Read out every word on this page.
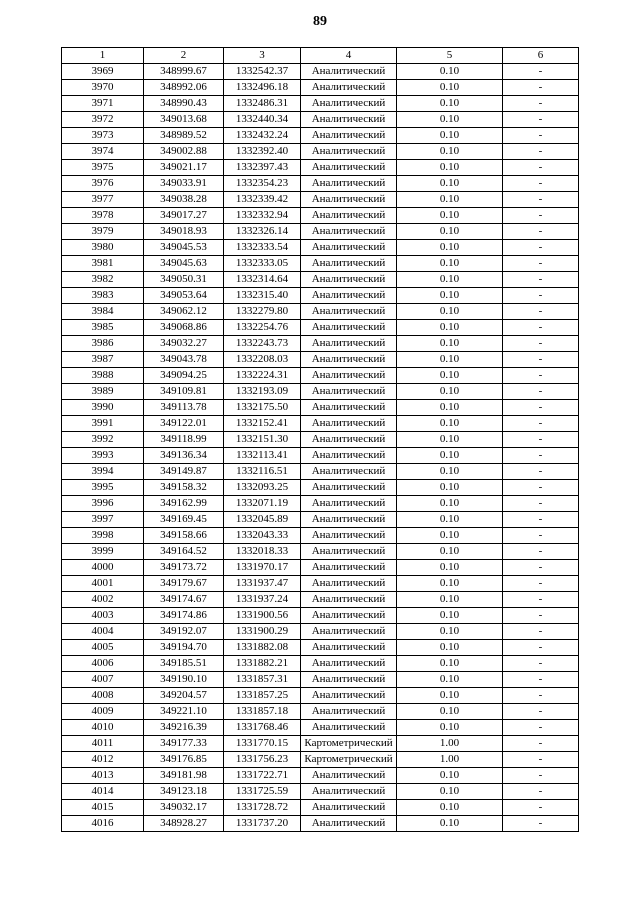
89
1	2	3	4	5	6
3969	348999.67	1332542.37	Аналитический	0.10	-
3970	348992.06	1332496.18	Аналитический	0.10	-
3971	348990.43	1332486.31	Аналитический	0.10	-
3972	349013.68	1332440.34	Аналитический	0.10	-
3973	348989.52	1332432.24	Аналитический	0.10	-
3974	349002.88	1332392.40	Аналитический	0.10	-
3975	349021.17	1332397.43	Аналитический	0.10	-
3976	349033.91	1332354.23	Аналитический	0.10	-
3977	349038.28	1332339.42	Аналитический	0.10	-
3978	349017.27	1332332.94	Аналитический	0.10	-
3979	349018.93	1332326.14	Аналитический	0.10	-
3980	349045.53	1332333.54	Аналитический	0.10	-
3981	349045.63	1332333.05	Аналитический	0.10	-
3982	349050.31	1332314.64	Аналитический	0.10	-
3983	349053.64	1332315.40	Аналитический	0.10	-
3984	349062.12	1332279.80	Аналитический	0.10	-
3985	349068.86	1332254.76	Аналитический	0.10	-
3986	349032.27	1332243.73	Аналитический	0.10	-
3987	349043.78	1332208.03	Аналитический	0.10	-
3988	349094.25	1332224.31	Аналитический	0.10	-
3989	349109.81	1332193.09	Аналитический	0.10	-
3990	349113.78	1332175.50	Аналитический	0.10	-
3991	349122.01	1332152.41	Аналитический	0.10	-
3992	349118.99	1332151.30	Аналитический	0.10	-
3993	349136.34	1332113.41	Аналитический	0.10	-
3994	349149.87	1332116.51	Аналитический	0.10	-
3995	349158.32	1332093.25	Аналитический	0.10	-
3996	349162.99	1332071.19	Аналитический	0.10	-
3997	349169.45	1332045.89	Аналитический	0.10	-
3998	349158.66	1332043.33	Аналитический	0.10	-
3999	349164.52	1332018.33	Аналитический	0.10	-
4000	349173.72	1331970.17	Аналитический	0.10	-
4001	349179.67	1331937.47	Аналитический	0.10	-
4002	349174.67	1331937.24	Аналитический	0.10	-
4003	349174.86	1331900.56	Аналитический	0.10	-
4004	349192.07	1331900.29	Аналитический	0.10	-
4005	349194.70	1331882.08	Аналитический	0.10	-
4006	349185.51	1331882.21	Аналитический	0.10	-
4007	349190.10	1331857.31	Аналитический	0.10	-
4008	349204.57	1331857.25	Аналитический	0.10	-
4009	349221.10	1331857.18	Аналитический	0.10	-
4010	349216.39	1331768.46	Аналитический	0.10	-
4011	349177.33	1331770.15	Картометрический	1.00	-
4012	349176.85	1331756.23	Картометрический	1.00	-
4013	349181.98	1331722.71	Аналитический	0.10	-
4014	349123.18	1331725.59	Аналитический	0.10	-
4015	349032.17	1331728.72	Аналитический	0.10	-
4016	348928.27	1331737.20	Аналитический	0.10	-
